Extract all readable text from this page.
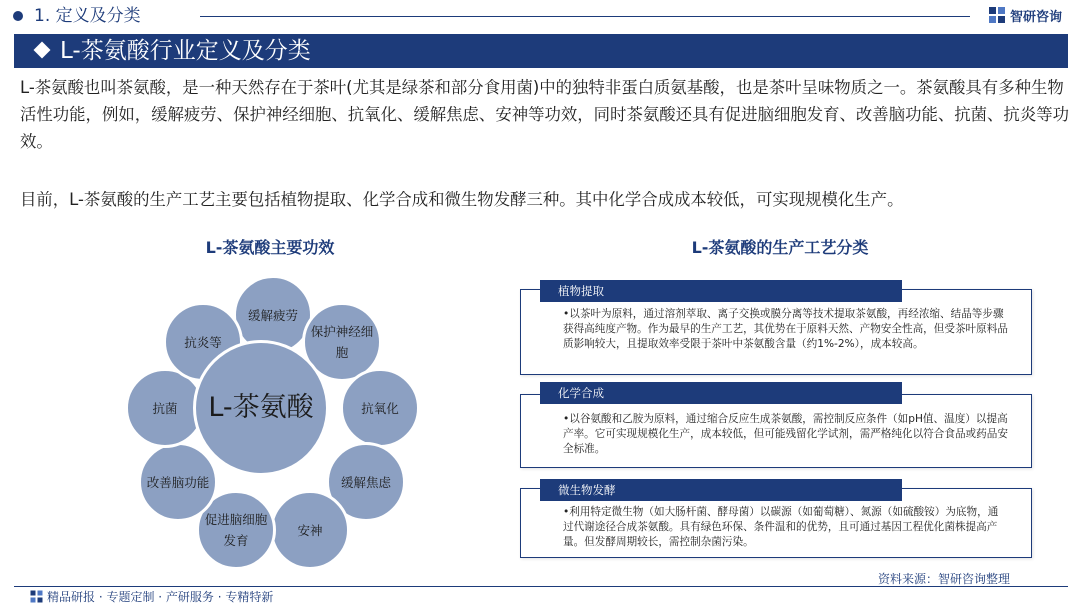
1. 定义及分类	智研咨询
L-茶氨酸行业定义及分类

L-茶氨酸也叫茶氨酸，是一种天然存在于茶叶(尤其是绿茶和部分食用菌)中的独特非蛋白质氨基酸，也是茶叶呈味物质之一。茶氨酸具有多种生物活性功能，例如，缓解疲劳、保护神经细胞、抗氧化、缓解焦虑、安神等功效，同时茶氨酸还具有促进脑细胞发育、改善脑功能、抗菌、抗炎等功效。

目前，L-茶氨酸的生产工艺主要包括植物提取、化学合成和微生物发酵三种。其中化学合成成本较低，可实现规模化生产。

L-茶氨酸主要功效	L-茶氨酸的生产工艺分类
缓解疲劳
保护神经细胞
抗氧化
缓解焦虑
安神
促进脑细胞发育
改善脑功能
抗菌
抗炎等
L-茶氨酸
植物提取
•以茶叶为原料，通过溶剂萃取、离子交换或膜分离等技术提取茶氨酸，再经浓缩、结晶等步骤获得高纯度产物。作为最早的生产工艺，其优势在于原料天然、产物安全性高，但受茶叶原料品质影响较大，且提取效率受限于茶叶中茶氨酸含量（约1%-2%），成本较高。
化学合成
•以谷氨酸和乙胺为原料，通过缩合反应生成茶氨酸，需控制反应条件（如pH值、温度）以提高产率。它可实现规模化生产，成本较低，但可能残留化学试剂，需严格纯化以符合食品或药品安全标准。
微生物发酵
•利用特定微生物（如大肠杆菌、酵母菌）以碳源（如葡萄糖）、氮源（如硫酸铵）为底物，通过代谢途径合成茶氨酸。具有绿色环保、条件温和的优势，且可通过基因工程优化菌株提高产量。但发酵周期较长，需控制杂菌污染。
资料来源：智研咨询整理
精品研报 · 专题定制 · 产研服务 · 专精特新
